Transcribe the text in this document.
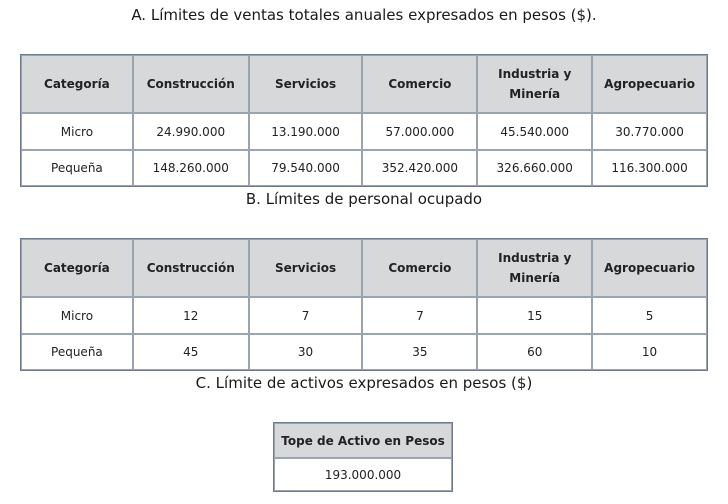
A. Límites de ventas totales anuales expresados en pesos ($).
Categoría	Construcción	Servicios	Comercio	Industria y Minería	Agropecuario
Micro	24.990.000	13.190.000	57.000.000	45.540.000	30.770.000
Pequeña	148.260.000	79.540.000	352.420.000	326.660.000	116.300.000
B. Límites de personal ocupado
Categoría	Construcción	Servicios	Comercio	Industria y Minería	Agropecuario
Micro	12	7	7	15	5
Pequeña	45	30	35	60	10
C. Límite de activos expresados en pesos ($)
Tope de Activo en Pesos
193.000.000
